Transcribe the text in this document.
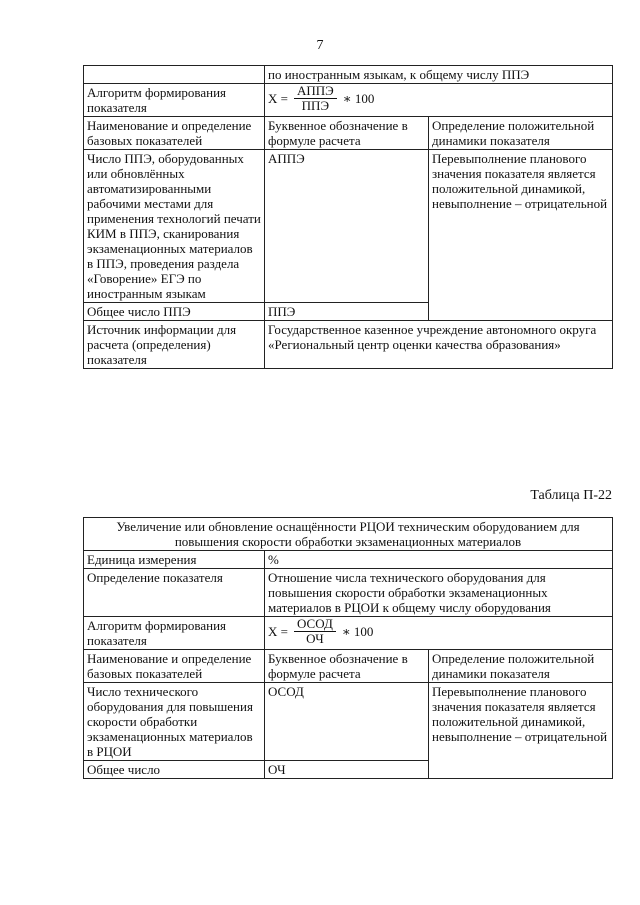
7
	по иностранным языкам, к общему числу ППЭ	
Алгоритм формирования показателя	$X = \frac{\text{АППЭ}}{\text{ППЭ}}$ ∗ 100	

Наименование и определение базовых показателей	Буквенное обозначение в формуле расчета	Определение положительной динамики показателя
Число ППЭ, оборудованных или обновлённых автоматизированными рабочими местами для применения технологий печати КИМ в ППЭ, сканирования экзаменационных материалов в ППЭ, проведения раздела «Говорение» ЕГЭ по иностранным языкам	АППЭ	Перевыполнение планового значения показателя является положительной динамикой, невыполнение – отрицательной
Общее число ППЭ	ППЭ	
Источник информации для расчета (определения) показателя	Государственное казенное учреждение автономного округа «Региональный центр оценки качества образования»	
Таблица П-22
Увеличение или обновление оснащённости РЦОИ техническим оборудованием для повышения скорости обработки экзаменационных материалов		
Единица измерения	%	
Определение показателя	Отношение числа технического оборудования для повышения скорости обработки экзаменационных материалов в РЦОИ к общему числу оборудования	
Алгоритм формирования показателя	$X = \frac{\text{ОСОД}}{ОЧ}$ ∗ 100	

Наименование и определение базовых показателей	Буквенное обозначение в формуле расчета	Определение положительной динамики показателя
Число технического оборудования для повышения скорости обработки экзаменационных материалов в РЦОИ	ОСОД	Перевыполнение планового значения показателя является положительной динамикой, невыполнение – отрицательной
Общее число	ОЧ	
